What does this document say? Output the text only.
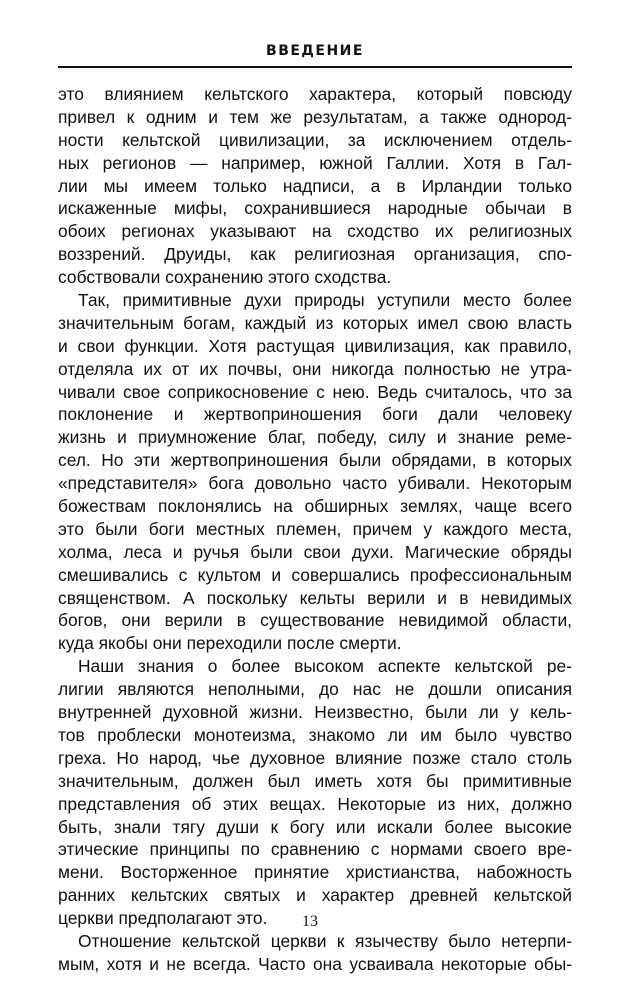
ВВЕДЕНИЕ
это влиянием кельтского характера, который повсюду
привел к одним и тем же результатам, а также однород-
ности кельтской цивилизации, за исключением отдель-
ных регионов — например, южной Галлии. Хотя в Гал-
лии мы имеем только надписи, а в Ирландии только
искаженные мифы, сохранившиеся народные обычаи в
обоих регионах указывают на сходство их религиозных
воззрений. Друиды, как религиозная организация, спо-
собствовали сохранению этого сходства.
Так, примитивные духи природы уступили место более
значительным богам, каждый из которых имел свою власть
и свои функции. Хотя растущая цивилизация, как правило,
отделяла их от их почвы, они никогда полностью не утра-
чивали свое соприкосновение с нею. Ведь считалось, что за
поклонение и жертвоприношения боги дали человеку
жизнь и приумножение благ, победу, силу и знание реме-
сел. Но эти жертвоприношения были обрядами, в которых
«представителя» бога довольно часто убивали. Некоторым
божествам поклонялись на обширных землях, чаще всего
это были боги местных племен, причем у каждого места,
холма, леса и ручья были свои духи. Магические обряды
смешивались с культом и совершались профессиональным
священством. А поскольку кельты верили и в невидимых
богов, они верили в существование невидимой области,
куда якобы они переходили после смерти.
Наши знания о более высоком аспекте кельтской ре-
лигии являются неполными, до нас не дошли описания
внутренней духовной жизни. Неизвестно, были ли у кель-
тов проблески монотеизма, знакомо ли им было чувство
греха. Но народ, чье духовное влияние позже стало столь
значительным, должен был иметь хотя бы примитивные
представления об этих вещах. Некоторые из них, должно
быть, знали тягу души к богу или искали более высокие
этические принципы по сравнению с нормами своего вре-
мени. Восторженное принятие христианства, набожность
ранних кельтских святых и характер древней кельтской
церкви предполагают это.
Отношение кельтской церкви к язычеству было нетерпи-
мым, хотя и не всегда. Часто она усваивала некоторые обы-
13
